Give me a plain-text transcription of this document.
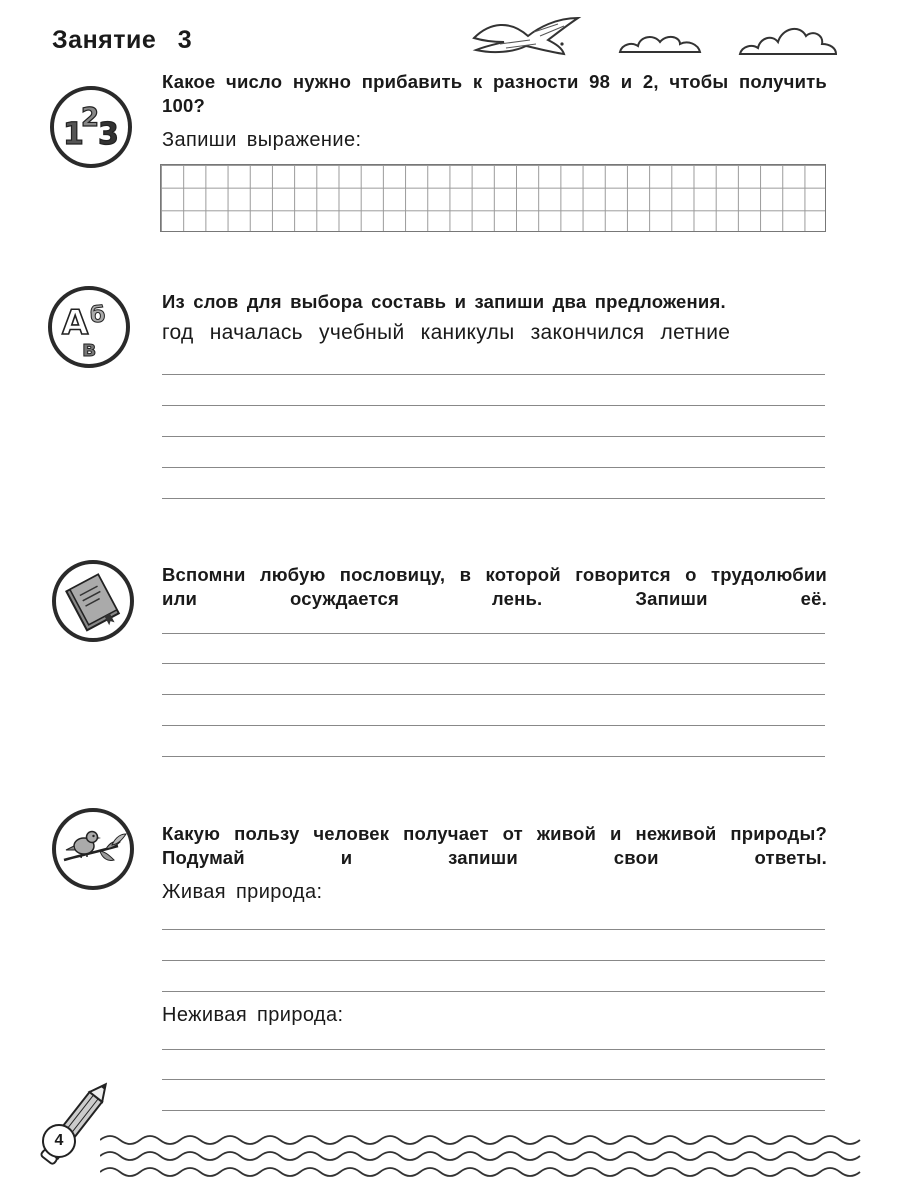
Занятие 3
1
2
3

Какое число нужно прибавить к разности 98 и 2, чтобы получить 100?

Запиши выражение:

А б
в

Из слов для выбора составь и запиши два предложения.

год началась учебный каникулы закончился летние

Вспомни любую пословицу, в которой говорится о трудолюбии или осуждается лень. Запиши её.

Какую пользу человек получает от живой и неживой природы? Подумай и запиши свои ответы.

Живая природа:

Неживая природа:

4
